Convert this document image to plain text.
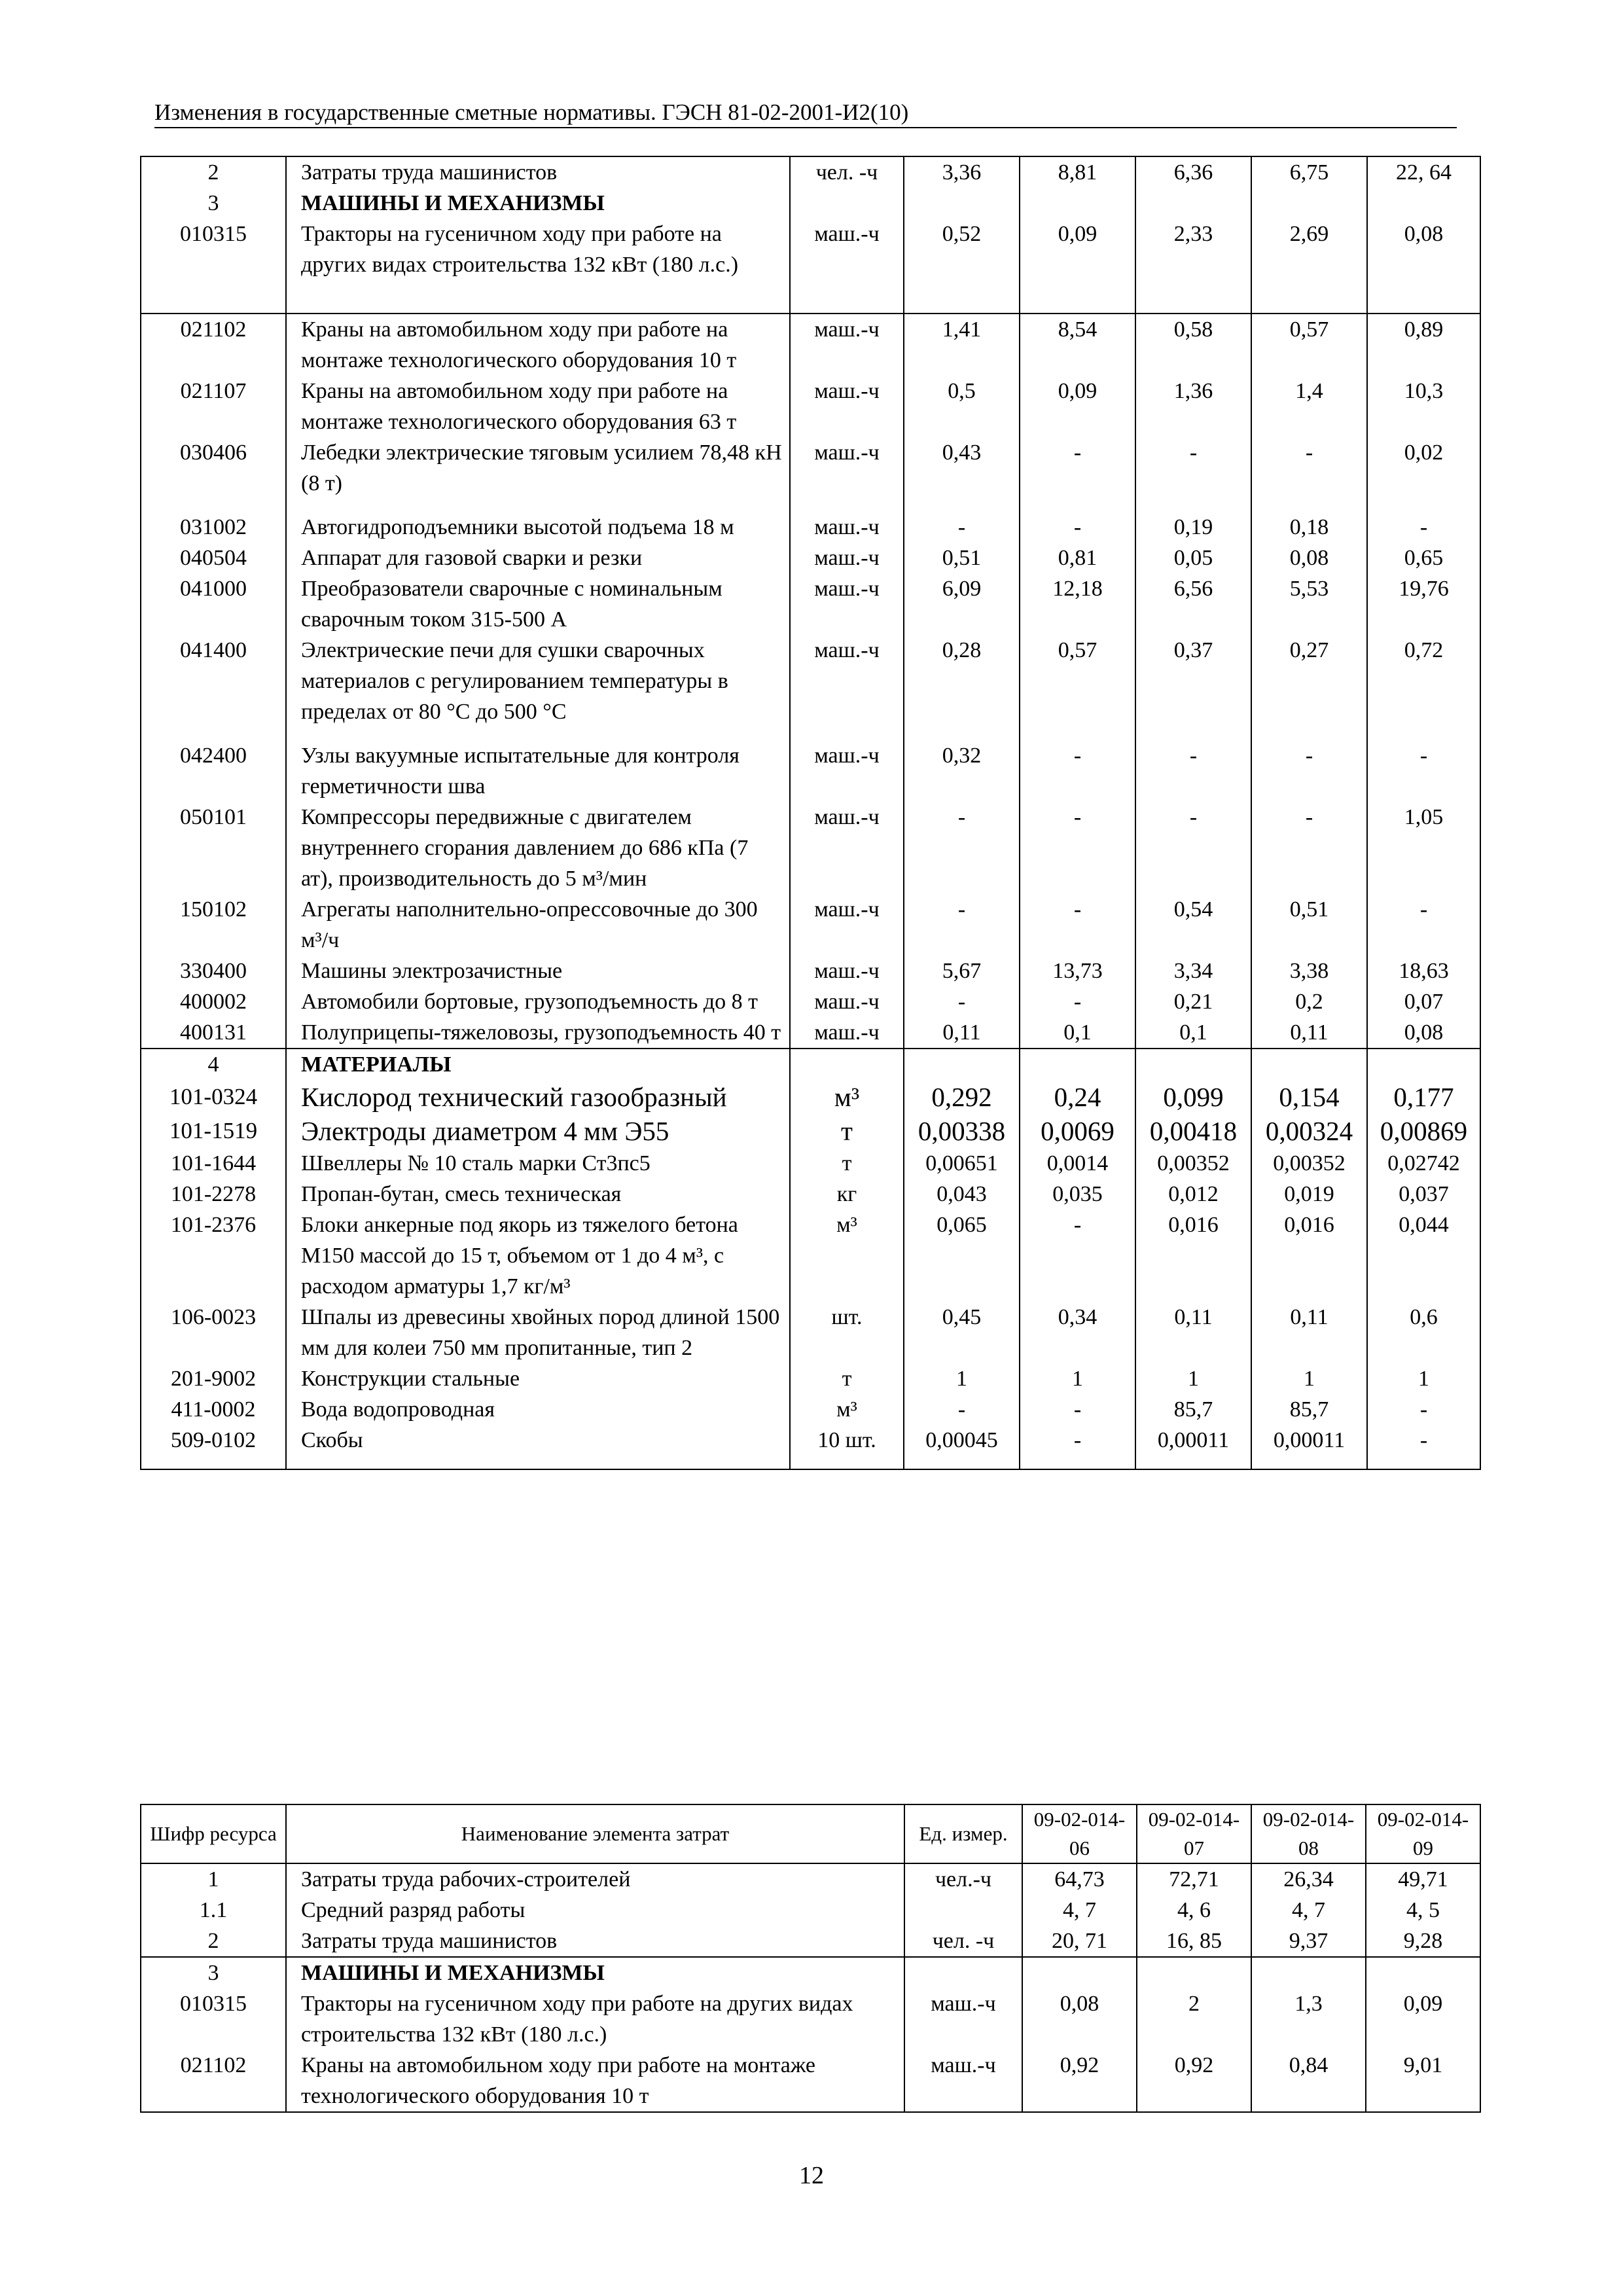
Изменения в государственные сметные нормативы. ГЭСН 81-02-2001-И2(10)
2	Затраты труда машинистов	чел. -ч	3,36	8,81	6,36	6,75	22, 64
3	МАШИНЫ И МЕХАНИЗМЫ						
010315	Тракторы на гусеничном ходу при работе на других видах строительства 132 кВт (180 л.с.)	маш.-ч	0,52	0,09	2,33	2,69	0,08
021102	Краны на автомобильном ходу при работе на монтаже технологического оборудования 10 т	маш.-ч	1,41	8,54	0,58	0,57	0,89
021107	Краны на автомобильном ходу при работе на монтаже технологического оборудования 63 т	маш.-ч	0,5	0,09	1,36	1,4	10,3
030406	Лебедки электрические тяговым усилием 78,48 кН (8 т)	маш.-ч	0,43	-	-	-	0,02
031002	Автогидроподъемники высотой подъема 18 м	маш.-ч	-	-	0,19	0,18	-
040504	Аппарат для газовой сварки и резки	маш.-ч	0,51	0,81	0,05	0,08	0,65
041000	Преобразователи сварочные с номинальным сварочным током 315-500 А	маш.-ч	6,09	12,18	6,56	5,53	19,76
041400	Электрические печи для сушки сварочных материалов с регулированием температуры в пределах от 80 °С до 500 °С	маш.-ч	0,28	0,57	0,37	0,27	0,72
042400	Узлы вакуумные испытательные для контроля герметичности шва	маш.-ч	0,32	-	-	-	-
050101	Компрессоры передвижные с двигателем внутреннего сгорания давлением до 686 кПа (7 ат), производительность до 5 м³/мин	маш.-ч	-	-	-	-	1,05
150102	Агрегаты наполнительно-опрессовочные до 300 м³/ч	маш.-ч	-	-	0,54	0,51	-
330400	Машины электрозачистные	маш.-ч	5,67	13,73	3,34	3,38	18,63
400002	Автомобили бортовые, грузоподъемность до 8 т	маш.-ч	-	-	0,21	0,2	0,07
400131	Полуприцепы-тяжеловозы, грузоподъемность 40 т	маш.-ч	0,11	0,1	0,1	0,11	0,08
4	МАТЕРИАЛЫ						
101-0324	Кислород технический газообразный	м³	0,292	0,24	0,099	0,154	0,177
101-1519	Электроды диаметром 4 мм Э55	т	0,00338	0,0069	0,00418	0,00324	0,00869
101-1644	Швеллеры № 10 сталь марки Ст3пс5	т	0,00651	0,0014	0,00352	0,00352	0,02742
101-2278	Пропан-бутан, смесь техническая	кг	0,043	0,035	0,012	0,019	0,037
101-2376	Блоки анкерные под якорь из тяжелого бетона М150 массой до 15 т, объемом от 1 до 4 м³, с расходом арматуры 1,7 кг/м³	м³	0,065	-	0,016	0,016	0,044
106-0023	Шпалы из древесины хвойных пород длиной 1500 мм для колеи 750 мм пропитанные, тип 2	шт.	0,45	0,34	0,11	0,11	0,6
201-9002	Конструкции стальные	т	1	1	1	1	1
411-0002	Вода водопроводная	м³	-	-	85,7	85,7	-
509-0102	Скобы	10 шт.	0,00045	-	0,00011	0,00011	-
Шифр ресурса	Наименование элемента затрат	Ед. измер.	09-02-014-06	09-02-014-07	09-02-014-08	09-02-014-09
1	Затраты труда рабочих-строителей	чел.-ч	64,73	72,71	26,34	49,71
1.1	Средний разряд работы		4, 7	4, 6	4, 7	4, 5
2	Затраты труда машинистов	чел. -ч	20, 71	16, 85	9,37	9,28
3	МАШИНЫ И МЕХАНИЗМЫ					
010315	Тракторы на гусеничном ходу при работе на других видах строительства 132 кВт (180 л.с.)	маш.-ч	0,08	2	1,3	0,09
021102	Краны на автомобильном ходу при работе на монтаже технологического оборудования 10 т	маш.-ч	0,92	0,92	0,84	9,01
12
